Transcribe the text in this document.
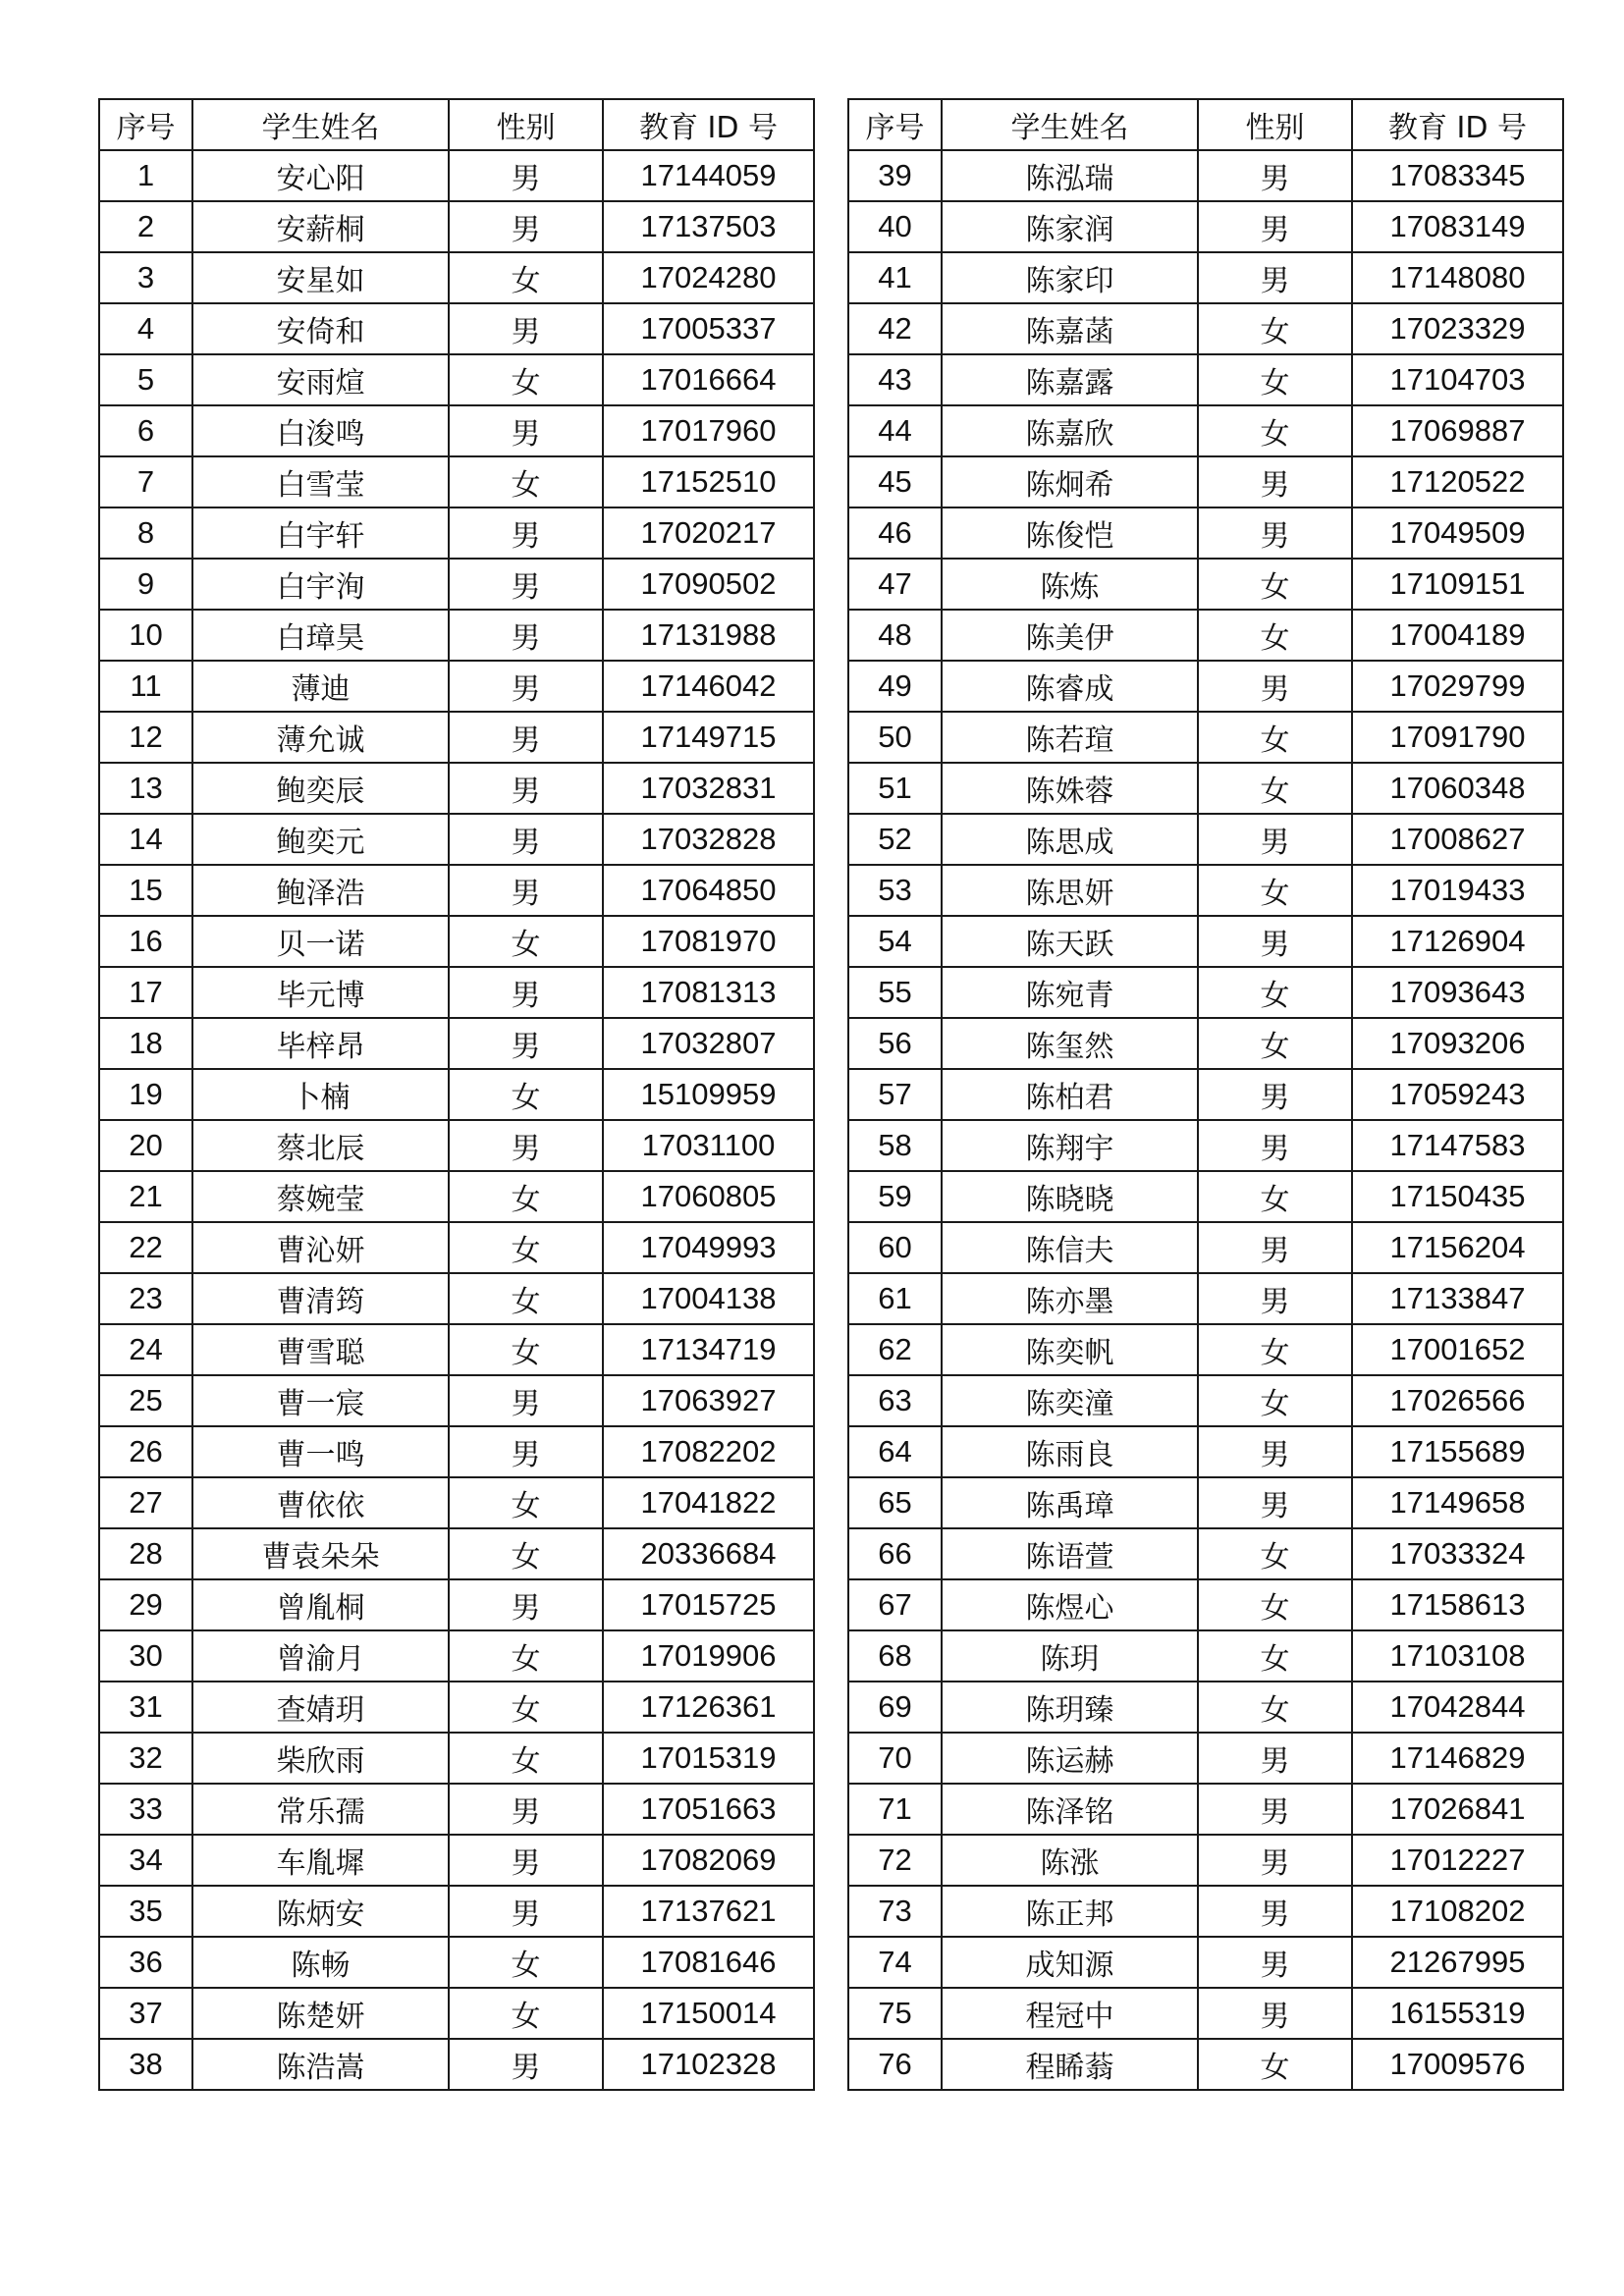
序号	学生姓名	性别	教育 ID 号
1	安心阳	男	17144059
2	安薪桐	男	17137503
3	安星如	女	17024280
4	安倚和	男	17005337
5	安雨煊	女	17016664
6	白浚鸣	男	17017960
7	白雪莹	女	17152510
8	白宇轩	男	17020217
9	白宇洵	男	17090502
10	白璋昊	男	17131988
11	薄迪	男	17146042
12	薄允诚	男	17149715
13	鲍奕辰	男	17032831
14	鲍奕元	男	17032828
15	鲍泽浩	男	17064850
16	贝一诺	女	17081970
17	毕元博	男	17081313
18	毕梓昂	男	17032807
19	卜楠	女	15109959
20	蔡北辰	男	17031100
21	蔡婉莹	女	17060805
22	曹沁妍	女	17049993
23	曹清筠	女	17004138
24	曹雪聪	女	17134719
25	曹一宸	男	17063927
26	曹一鸣	男	17082202
27	曹依依	女	17041822
28	曹袁朵朵	女	20336684
29	曾胤桐	男	17015725
30	曾渝月	女	17019906
31	查婧玥	女	17126361
32	柴欣雨	女	17015319
33	常乐孺	男	17051663
34	车胤墀	男	17082069
35	陈炳安	男	17137621
36	陈畅	女	17081646
37	陈楚妍	女	17150014
38	陈浩嵩	男	17102328
序号	学生姓名	性别	教育 ID 号
39	陈泓瑞	男	17083345
40	陈家润	男	17083149
41	陈家印	男	17148080
42	陈嘉菡	女	17023329
43	陈嘉露	女	17104703
44	陈嘉欣	女	17069887
45	陈炯希	男	17120522
46	陈俊恺	男	17049509
47	陈炼	女	17109151
48	陈美伊	女	17004189
49	陈睿成	男	17029799
50	陈若瑄	女	17091790
51	陈姝蓉	女	17060348
52	陈思成	男	17008627
53	陈思妍	女	17019433
54	陈天跃	男	17126904
55	陈宛青	女	17093643
56	陈玺然	女	17093206
57	陈柏君	男	17059243
58	陈翔宇	男	17147583
59	陈晓晓	女	17150435
60	陈信夫	男	17156204
61	陈亦墨	男	17133847
62	陈奕帆	女	17001652
63	陈奕潼	女	17026566
64	陈雨良	男	17155689
65	陈禹璋	男	17149658
66	陈语萱	女	17033324
67	陈煜心	女	17158613
68	陈玥	女	17103108
69	陈玥臻	女	17042844
70	陈运赫	男	17146829
71	陈泽铭	男	17026841
72	陈涨	男	17012227
73	陈正邦	男	17108202
74	成知源	男	21267995
75	程冠中	男	16155319
76	程睎蓊	女	17009576
